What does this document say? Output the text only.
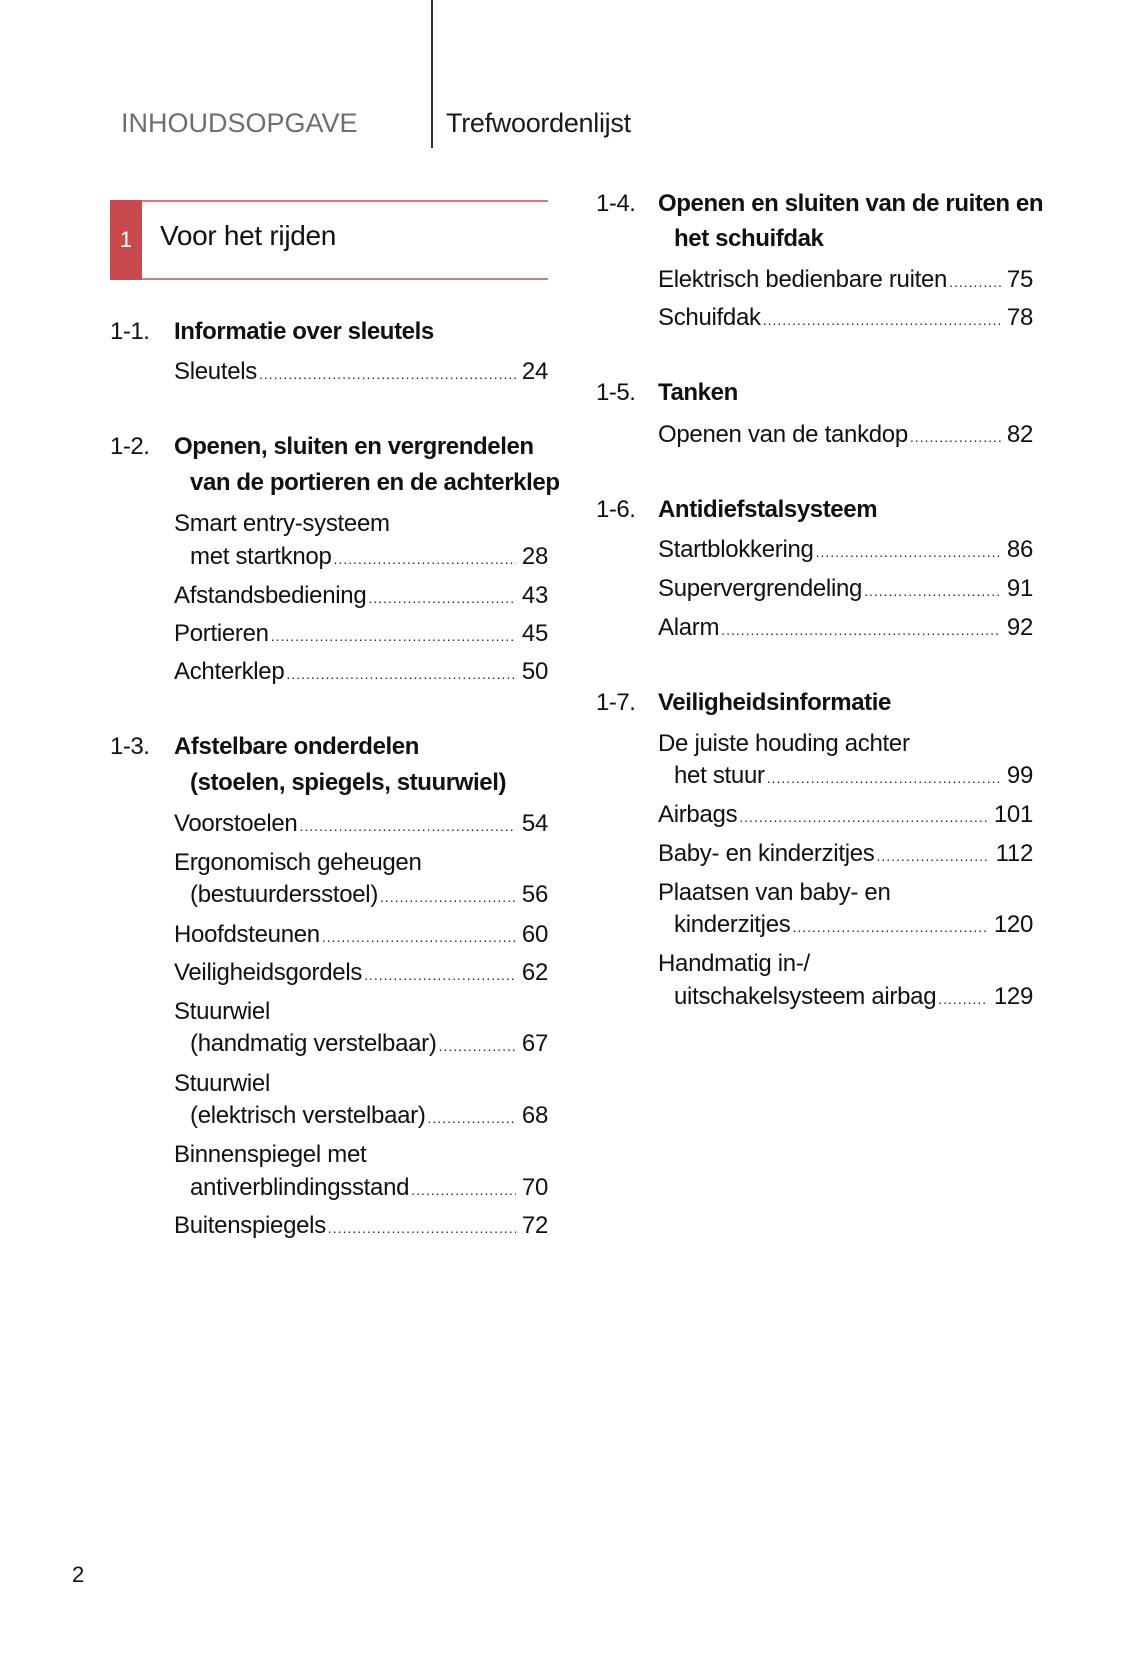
INHOUDSOPGAVE	Trefwoordenlijst
1 Voor het rijden
1-1. Informatie over sleutels
Sleutels .....	24
1-2. Openen, sluiten en vergrendelen
van de portieren en de achterklep
Smart entry-systeem
met startknop .....	28
Afstandsbediening .....	43
Portieren .....	45
Achterklep .....	50
1-3. Afstelbare onderdelen
(stoelen, spiegels, stuurwiel)
Voorstoelen .....	54
Ergonomisch geheugen
(bestuurdersstoel) .....	56
Hoofdsteunen .....	60
Veiligheidsgordels .....	62
Stuurwiel
(handmatig verstelbaar) .....	67
Stuurwiel
(elektrisch verstelbaar) .....	68
Binnenspiegel met
antiverblindingsstand .....	70
Buitenspiegels .....	72
1-4. Openen en sluiten van de ruiten en
het schuifdak
Elektrisch bedienbare ruiten ..... 75
Schuifdak .....	78
1-5. Tanken
Openen van de tankdop .....	82
1-6. Antidiefstalsysteem
Startblokkering .....	86
Supervergrendeling .....	91
Alarm .....	92
1-7. Veiligheidsinformatie
De juiste houding achter
het stuur .....	99
Airbags .....	101
Baby- en kinderzitjes .....	112
Plaatsen van baby- en
kinderzitjes .....	120
Handmatig in-/
uitschakelsysteem airbag ..... 129
2
